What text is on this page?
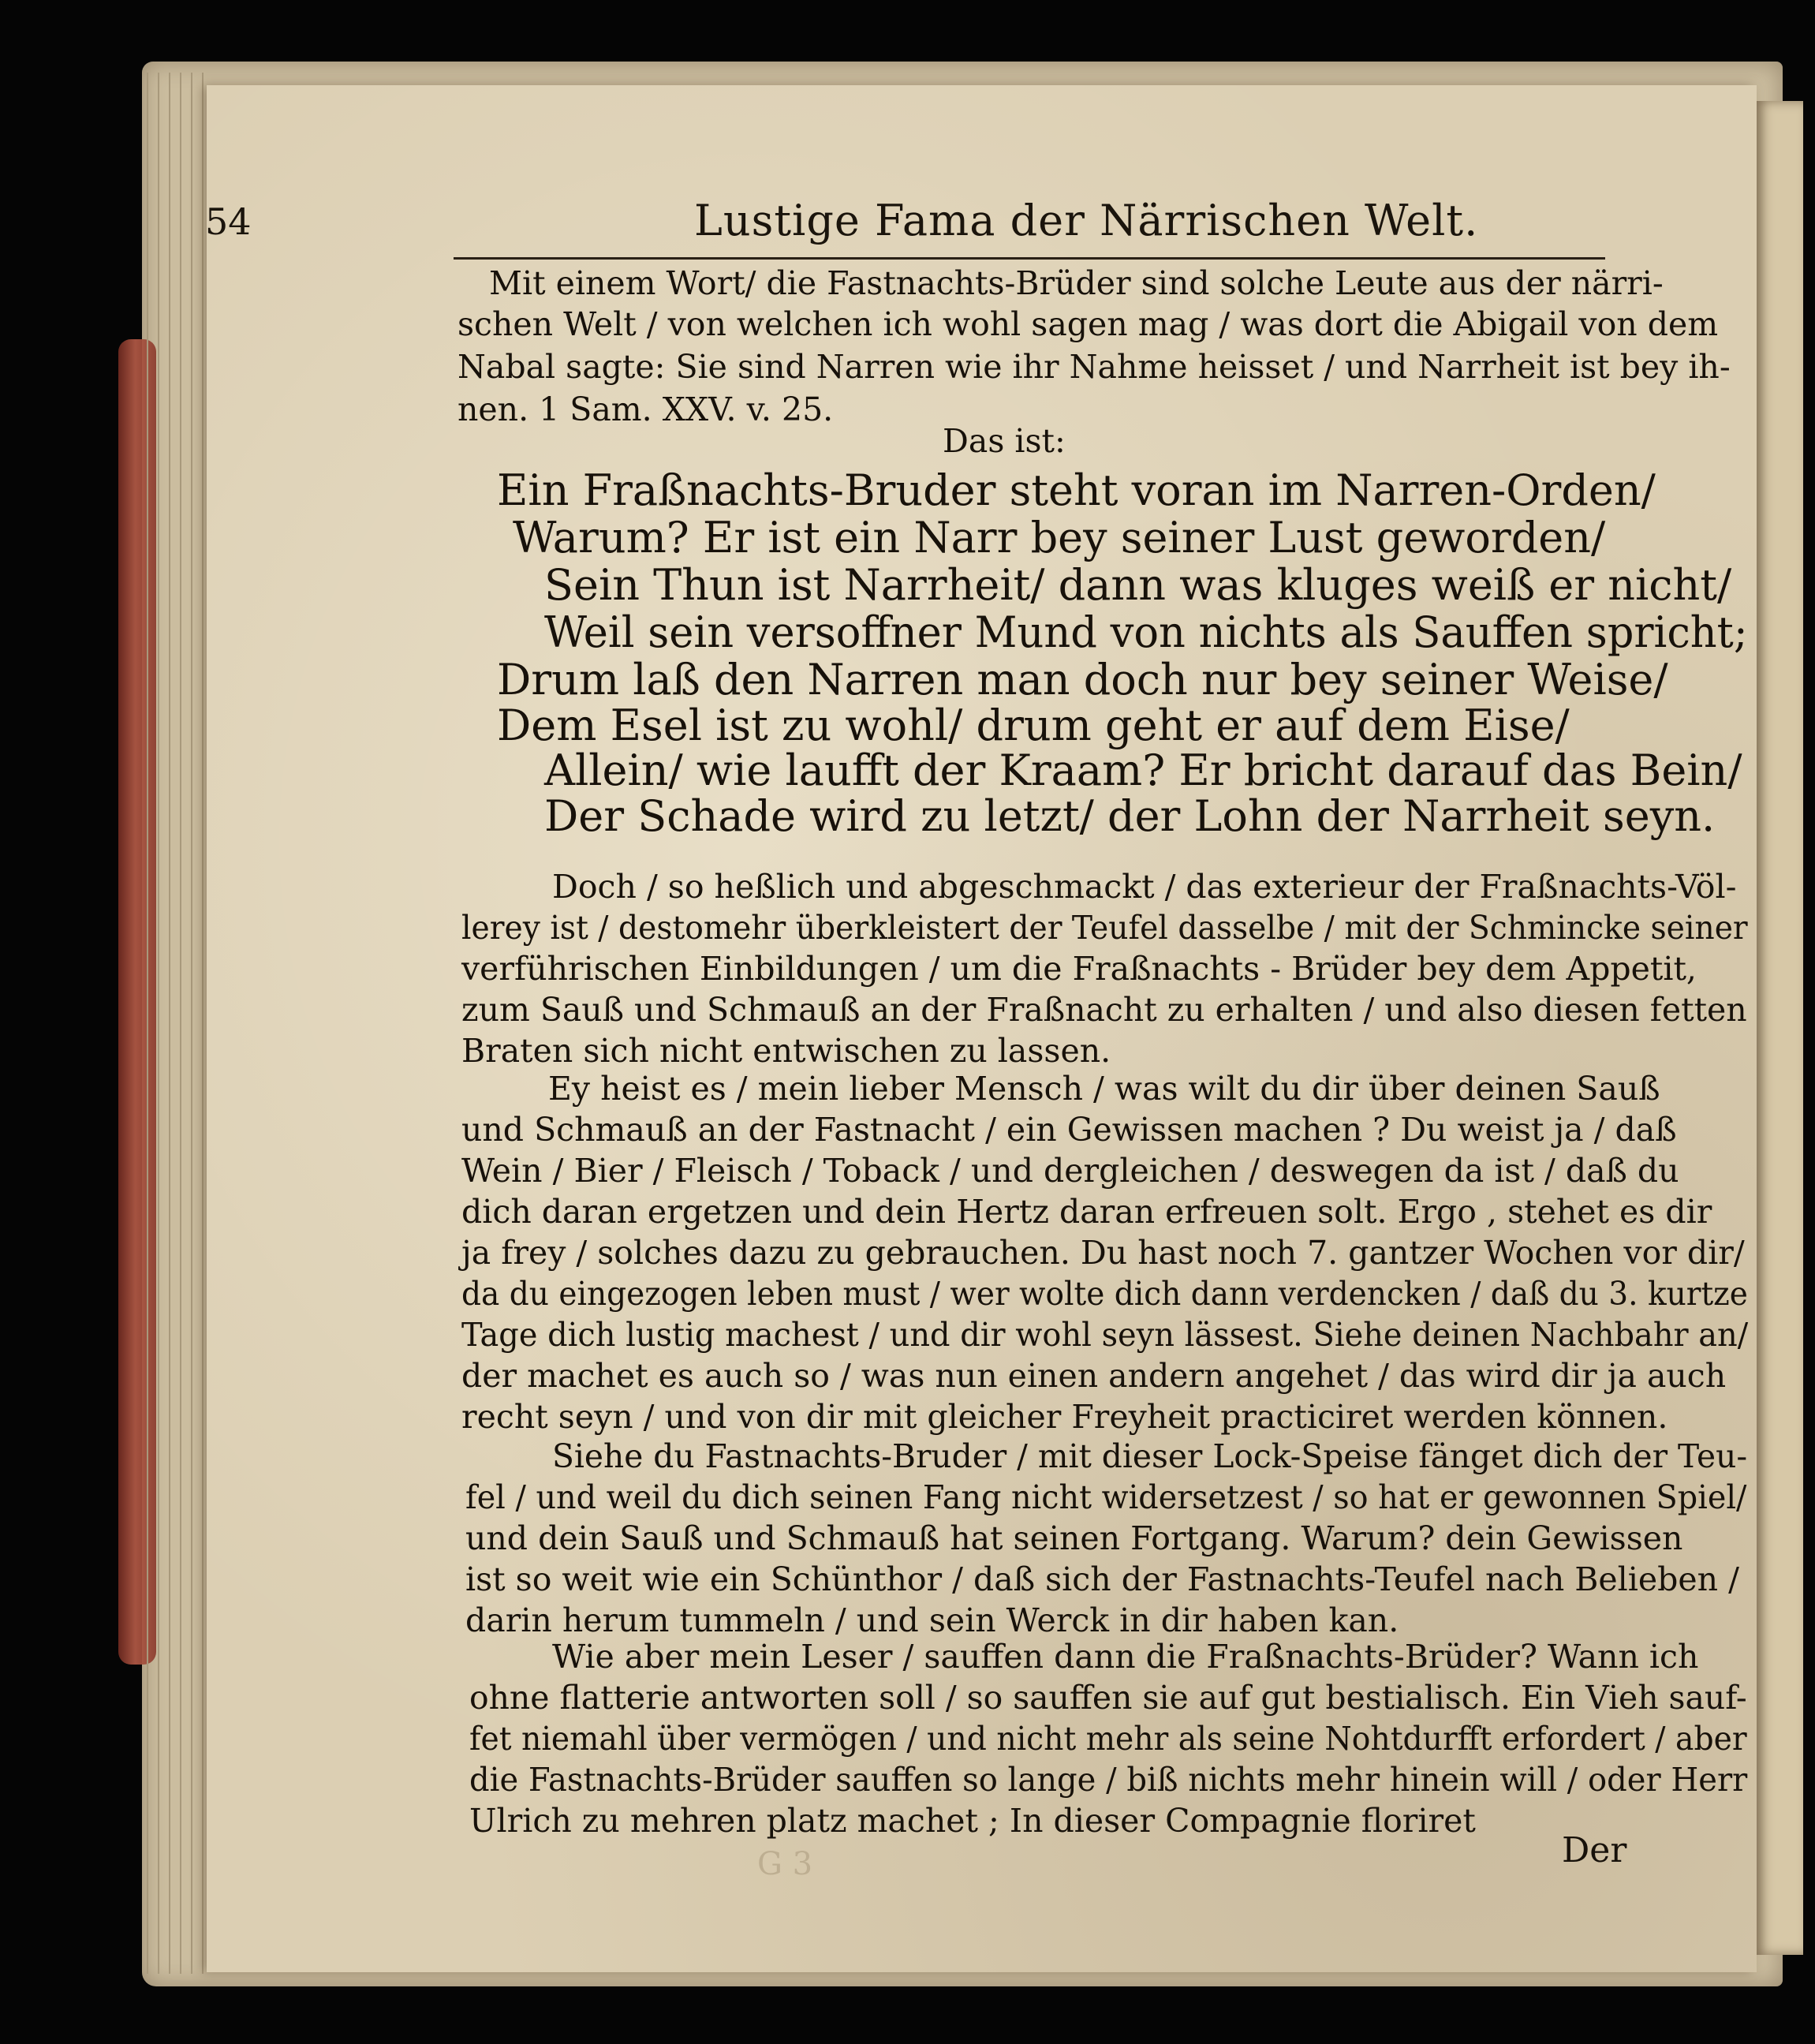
54	Lustige Fama der Närrischen Welt.
Mit einem Wort/ die Fastnachts-Brüder sind solche Leute aus der närri-
schen Welt / von welchen ich wohl sagen mag / was dort die Abigail von dem
Nabal sagte: Sie sind Narren wie ihr Nahme heisset / und Narrheit ist bey ih-
nen. 1 Sam. XXV. v. 25.
Das ist:
Ein Fraßnachts-Bruder steht voran im Narren-Orden/
Warum? Er ist ein Narr bey seiner Lust geworden/
Sein Thun ist Narrheit/ dann was kluges weiß er nicht/
Weil sein versoffner Mund von nichts als Sauffen spricht;
Drum laß den Narren man doch nur bey seiner Weise/
Dem Esel ist zu wohl/ drum geht er auf dem Eise/
Allein/ wie laufft der Kraam? Er bricht darauf das Bein/
Der Schade wird zu letzt/ der Lohn der Narrheit seyn.
Doch / so heßlich und abgeschmackt / das exterieur der Fraßnachts-Völ-
lerey ist / destomehr überkleistert der Teufel dasselbe / mit der Schmincke seiner
verführischen Einbildungen / um die Fraßnachts - Brüder bey dem Appetit,
zum Sauß und Schmauß an der Fraßnacht zu erhalten / und also diesen fetten
Braten sich nicht entwischen zu lassen.
Ey heist es / mein lieber Mensch / was wilt du dir über deinen Sauß
und Schmauß an der Fastnacht / ein Gewissen machen ? Du weist ja / daß
Wein / Bier / Fleisch / Toback / und dergleichen / deswegen da ist / daß du
dich daran ergetzen und dein Hertz daran erfreuen solt. Ergo , stehet es dir
ja frey / solches dazu zu gebrauchen. Du hast noch 7. gantzer Wochen vor dir/
da du eingezogen leben must / wer wolte dich dann verdencken / daß du 3. kurtze
Tage dich lustig machest / und dir wohl seyn lässest. Siehe deinen Nachbahr an/
der machet es auch so / was nun einen andern angehet / das wird dir ja auch
recht seyn / und von dir mit gleicher Freyheit practiciret werden können.
Siehe du Fastnachts-Bruder / mit dieser Lock-Speise fänget dich der Teu-
fel / und weil du dich seinen Fang nicht widersetzest / so hat er gewonnen Spiel/
und dein Sauß und Schmauß hat seinen Fortgang. Warum? dein Gewissen
ist so weit wie ein Schünthor / daß sich der Fastnachts-Teufel nach Belieben /
darin herum tummeln / und sein Werck in dir haben kan.
Wie aber mein Leser / sauffen dann die Fraßnachts-Brüder? Wann ich
ohne flatterie antworten soll / so sauffen sie auf gut bestialisch. Ein Vieh sauf-
fet niemahl über vermögen / und nicht mehr als seine Nohtdurfft erfordert / aber
die Fastnachts-Brüder sauffen so lange / biß nichts mehr hinein will / oder Herr
Ulrich zu mehren platz machet ; In dieser Compagnie floriret
Der
G 3
